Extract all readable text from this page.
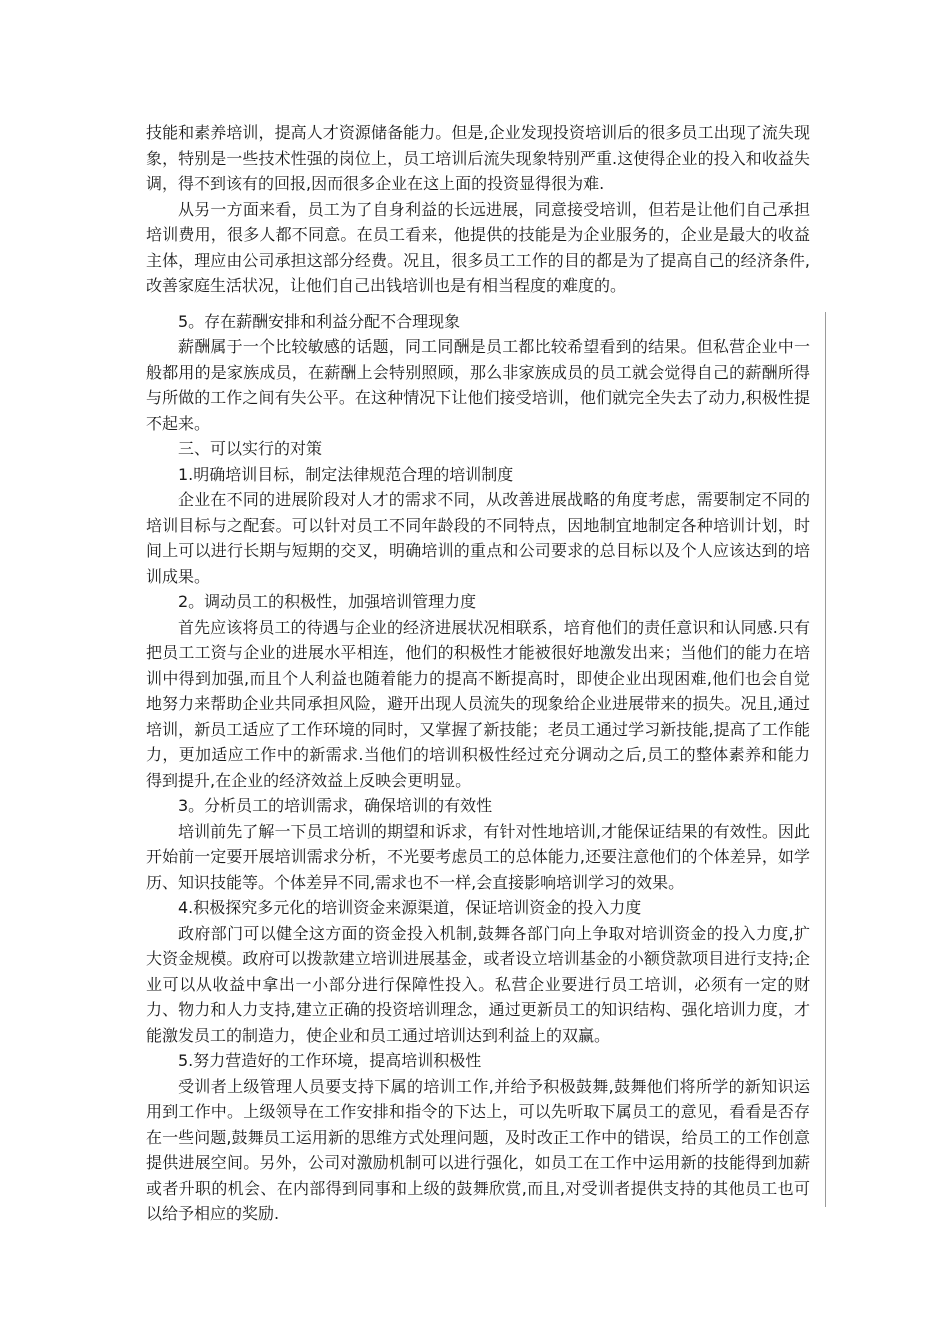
技能和素养培训，提高人才资源储备能力。但是,企业发现投资培训后的很多员工出现了流失现象，特别是一些技术性强的岗位上，员工培训后流失现象特别严重.这使得企业的投入和收益失调，得不到该有的回报,因而很多企业在这上面的投资显得很为难.

从另一方面来看，员工为了自身利益的长远进展，同意接受培训，但若是让他们自己承担培训费用，很多人都不同意。在员工看来，他提供的技能是为企业服务的，企业是最大的收益主体，理应由公司承担这部分经费。况且，很多员工工作的目的都是为了提高自己的经济条件,改善家庭生活状况，让他们自己出钱培训也是有相当程度的难度的。

5。存在薪酬安排和利益分配不合理现象

薪酬属于一个比较敏感的话题，同工同酬是员工都比较希望看到的结果。但私营企业中一般都用的是家族成员，在薪酬上会特别照顾，那么非家族成员的员工就会觉得自己的薪酬所得与所做的工作之间有失公平。在这种情况下让他们接受培训，他们就完全失去了动力,积极性提不起来。

三、可以实行的对策

1.明确培训目标，制定法律规范合理的培训制度

企业在不同的进展阶段对人才的需求不同，从改善进展战略的角度考虑，需要制定不同的培训目标与之配套。可以针对员工不同年龄段的不同特点，因地制宜地制定各种培训计划，时间上可以进行长期与短期的交叉，明确培训的重点和公司要求的总目标以及个人应该达到的培训成果。

2。调动员工的积极性，加强培训管理力度

首先应该将员工的待遇与企业的经济进展状况相联系，培育他们的责任意识和认同感.只有把员工工资与企业的进展水平相连，他们的积极性才能被很好地激发出来；当他们的能力在培训中得到加强,而且个人利益也随着能力的提高不断提高时，即使企业出现困难,他们也会自觉地努力来帮助企业共同承担风险，避开出现人员流失的现象给企业进展带来的损失。况且,通过培训，新员工适应了工作环境的同时，又掌握了新技能；老员工通过学习新技能,提高了工作能力，更加适应工作中的新需求.当他们的培训积极性经过充分调动之后,员工的整体素养和能力得到提升,在企业的经济效益上反映会更明显。

3。分析员工的培训需求，确保培训的有效性

培训前先了解一下员工培训的期望和诉求，有针对性地培训,才能保证结果的有效性。因此开始前一定要开展培训需求分析，不光要考虑员工的总体能力,还要注意他们的个体差异，如学历、知识技能等。个体差异不同,需求也不一样,会直接影响培训学习的效果。

4.积极探究多元化的培训资金来源渠道，保证培训资金的投入力度

政府部门可以健全这方面的资金投入机制,鼓舞各部门向上争取对培训资金的投入力度,扩大资金规模。政府可以拨款建立培训进展基金，或者设立培训基金的小额贷款项目进行支持;企业可以从收益中拿出一小部分进行保障性投入。私营企业要进行员工培训，必须有一定的财力、物力和人力支持,建立正确的投资培训理念，通过更新员工的知识结构、强化培训力度，才能激发员工的制造力，使企业和员工通过培训达到利益上的双赢。

5.努力营造好的工作环境，提高培训积极性

受训者上级管理人员要支持下属的培训工作,并给予积极鼓舞,鼓舞他们将所学的新知识运用到工作中。上级领导在工作安排和指令的下达上，可以先听取下属员工的意见，看看是否存在一些问题,鼓舞员工运用新的思维方式处理问题，及时改正工作中的错误，给员工的工作创意提供进展空间。另外，公司对激励机制可以进行强化，如员工在工作中运用新的技能得到加薪或者升职的机会、在内部得到同事和上级的鼓舞欣赏,而且,对受训者提供支持的其他员工也可以给予相应的奖励.
